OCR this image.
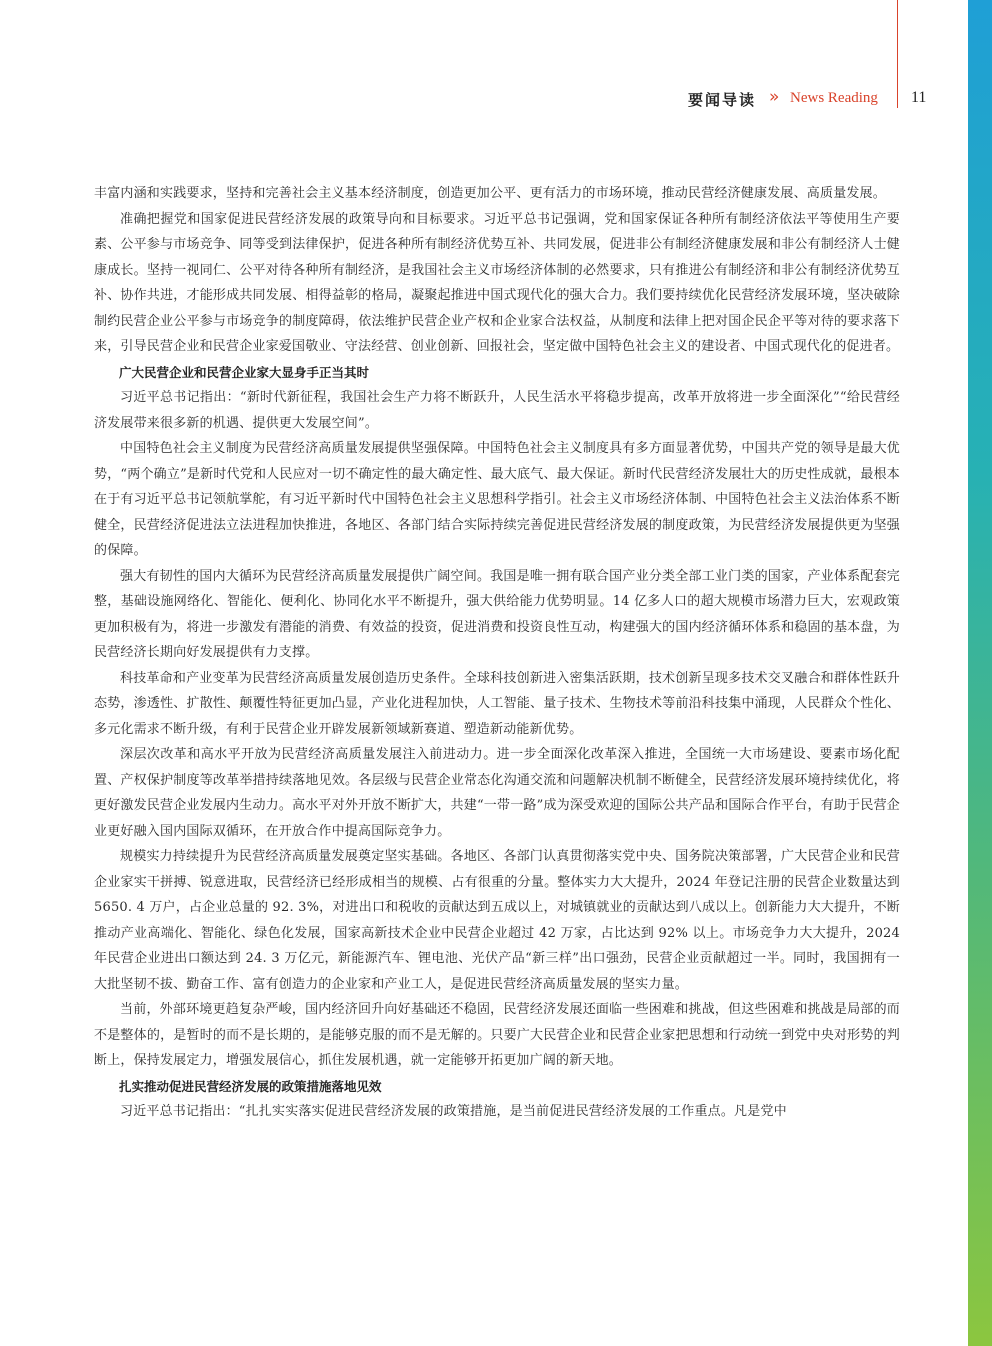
要闻导读 » News Reading 11

丰富内涵和实践要求，坚持和完善社会主义基本经济制度，创造更加公平、更有活力的市场环境，推动民营经济健康发展、高质量发展。

准确把握党和国家促进民营经济发展的政策导向和目标要求。习近平总书记强调，党和国家保证各种所有制经济依法平等使用生产要素、公平参与市场竞争、同等受到法律保护，促进各种所有制经济优势互补、共同发展，促进非公有制经济健康发展和非公有制经济人士健康成长。坚持一视同仁、公平对待各种所有制经济，是我国社会主义市场经济体制的必然要求，只有推进公有制经济和非公有制经济优势互补、协作共进，才能形成共同发展、相得益彰的格局，凝聚起推进中国式现代化的强大合力。我们要持续优化民营经济发展环境，坚决破除制约民营企业公平参与市场竞争的制度障碍，依法维护民营企业产权和企业家合法权益，从制度和法律上把对国企民企平等对待的要求落下来，引导民营企业和民营企业家爱国敬业、守法经营、创业创新、回报社会，坚定做中国特色社会主义的建设者、中国式现代化的促进者。

广大民营企业和民营企业家大显身手正当其时

习近平总书记指出：“新时代新征程，我国社会生产力将不断跃升，人民生活水平将稳步提高，改革开放将进一步全面深化”“给民营经济发展带来很多新的机遇、提供更大发展空间”。

中国特色社会主义制度为民营经济高质量发展提供坚强保障。中国特色社会主义制度具有多方面显著优势，中国共产党的领导是最大优势，“两个确立”是新时代党和人民应对一切不确定性的最大确定性、最大底气、最大保证。新时代民营经济发展壮大的历史性成就，最根本在于有习近平总书记领航掌舵，有习近平新时代中国特色社会主义思想科学指引。社会主义市场经济体制、中国特色社会主义法治体系不断健全，民营经济促进法立法进程加快推进，各地区、各部门结合实际持续完善促进民营经济发展的制度政策，为民营经济发展提供更为坚强的保障。

强大有韧性的国内大循环为民营经济高质量发展提供广阔空间。我国是唯一拥有联合国产业分类全部工业门类的国家，产业体系配套完整，基础设施网络化、智能化、便利化、协同化水平不断提升，强大供给能力优势明显。14 亿多人口的超大规模市场潜力巨大，宏观政策更加积极有为，将进一步激发有潜能的消费、有效益的投资，促进消费和投资良性互动，构建强大的国内经济循环体系和稳固的基本盘，为民营经济长期向好发展提供有力支撑。

科技革命和产业变革为民营经济高质量发展创造历史条件。全球科技创新进入密集活跃期，技术创新呈现多技术交叉融合和群体性跃升态势，渗透性、扩散性、颠覆性特征更加凸显，产业化进程加快，人工智能、量子技术、生物技术等前沿科技集中涌现，人民群众个性化、多元化需求不断升级，有利于民营企业开辟发展新领域新赛道、塑造新动能新优势。

深层次改革和高水平开放为民营经济高质量发展注入前进动力。进一步全面深化改革深入推进，全国统一大市场建设、要素市场化配置、产权保护制度等改革举措持续落地见效。各层级与民营企业常态化沟通交流和问题解决机制不断健全，民营经济发展环境持续优化，将更好激发民营企业发展内生动力。高水平对外开放不断扩大，共建“一带一路”成为深受欢迎的国际公共产品和国际合作平台，有助于民营企业更好融入国内国际双循环，在开放合作中提高国际竞争力。

规模实力持续提升为民营经济高质量发展奠定坚实基础。各地区、各部门认真贯彻落实党中央、国务院决策部署，广大民营企业和民营企业家实干拼搏、锐意进取，民营经济已经形成相当的规模、占有很重的分量。整体实力大大提升，2024 年登记注册的民营企业数量达到 5650. 4 万户，占企业总量的 92. 3%，对进出口和税收的贡献达到五成以上，对城镇就业的贡献达到八成以上。创新能力大大提升，不断推动产业高端化、智能化、绿色化发展，国家高新技术企业中民营企业超过 42 万家，占比达到 92% 以上。市场竞争力大大提升，2024 年民营企业进出口额达到 24. 3 万亿元，新能源汽车、锂电池、光伏产品“新三样”出口强劲，民营企业贡献超过一半。同时，我国拥有一大批坚韧不拔、勤奋工作、富有创造力的企业家和产业工人，是促进民营经济高质量发展的坚实力量。

当前，外部环境更趋复杂严峻，国内经济回升向好基础还不稳固，民营经济发展还面临一些困难和挑战，但这些困难和挑战是局部的而不是整体的，是暂时的而不是长期的，是能够克服的而不是无解的。只要广大民营企业和民营企业家把思想和行动统一到党中央对形势的判断上，保持发展定力，增强发展信心，抓住发展机遇，就一定能够开拓更加广阔的新天地。

扎实推动促进民营经济发展的政策措施落地见效

习近平总书记指出：“扎扎实实落实促进民营经济发展的政策措施，是当前促进民营经济发展的工作重点。凡是党中
